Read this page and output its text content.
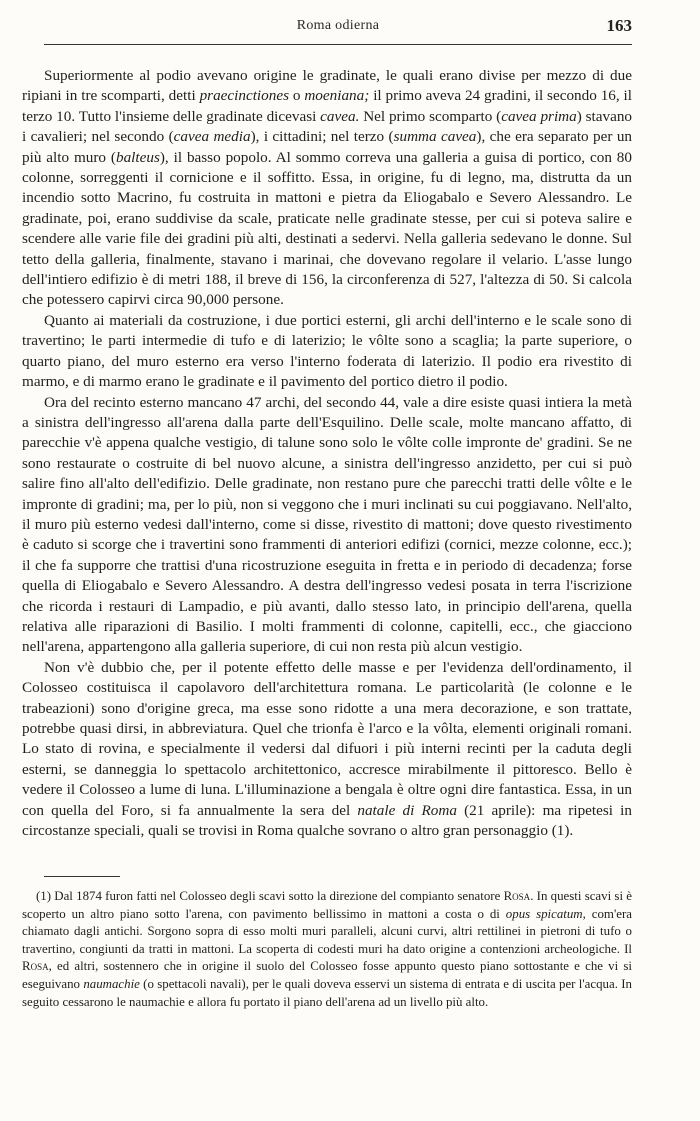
Roma odierna	163

Superiormente al podio avevano origine le gradinate, le quali erano divise per mezzo di due ripiani in tre scomparti, detti praecinctiones o moeniana; il primo aveva 24 gradini, il secondo 16, il terzo 10. Tutto l'insieme delle gradinate dicevasi cavea. Nel primo scomparto (cavea prima) stavano i cavalieri; nel secondo (cavea media), i cittadini; nel terzo (summa cavea), che era separato per un più alto muro (balteus), il basso popolo. Al sommo correva una galleria a guisa di portico, con 80 colonne, sorreggenti il cornicione e il soffitto. Essa, in origine, fu di legno, ma, distrutta da un incendio sotto Macrino, fu costruita in mattoni e pietra da Eliogabalo e Severo Alessandro. Le gradinate, poi, erano suddivise da scale, praticate nelle gradinate stesse, per cui si poteva salire e scendere alle varie file dei gradini più alti, destinati a sedervi. Nella galleria sedevano le donne. Sul tetto della galleria, finalmente, stavano i marinai, che dovevano regolare il velario. L'asse lungo dell'intiero edifizio è di metri 188, il breve di 156, la circonferenza di 527, l'altezza di 50. Si calcola che potessero capirvi circa 90,000 persone.

Quanto ai materiali da costruzione, i due portici esterni, gli archi dell'interno e le scale sono di travertino; le parti intermedie di tufo e di laterizio; le vôlte sono a scaglia; la parte superiore, o quarto piano, del muro esterno era verso l'interno foderata di laterizio. Il podio era rivestito di marmo, e di marmo erano le gradinate e il pavimento del portico dietro il podio.

Ora del recinto esterno mancano 47 archi, del secondo 44, vale a dire esiste quasi intiera la metà a sinistra dell'ingresso all'arena dalla parte dell'Esquilino. Delle scale, molte mancano affatto, di parecchie v'è appena qualche vestigio, di talune sono solo le vôlte colle impronte de' gradini. Se ne sono restaurate o costruite di bel nuovo alcune, a sinistra dell'ingresso anzidetto, per cui si può salire fino all'alto dell'edifizio. Delle gradinate, non restano pure che parecchi tratti delle vôlte e le impronte di gradini; ma, per lo più, non si veggono che i muri inclinati su cui poggiavano. Nell'alto, il muro più esterno vedesi dall'interno, come si disse, rivestito di mattoni; dove questo rivestimento è caduto si scorge che i travertini sono frammenti di anteriori edifizi (cornici, mezze colonne, ecc.); il che fa supporre che trattisi d'una ricostruzione eseguita in fretta e in periodo di decadenza; forse quella di Eliogabalo e Severo Alessandro. A destra dell'ingresso vedesi posata in terra l'iscrizione che ricorda i restauri di Lampadio, e più avanti, dallo stesso lato, in principio dell'arena, quella relativa alle riparazioni di Basilio. I molti frammenti di colonne, capitelli, ecc., che giacciono nell'arena, appartengono alla galleria superiore, di cui non resta più alcun vestigio.

Non v'è dubbio che, per il potente effetto delle masse e per l'evidenza dell'ordinamento, il Colosseo costituisca il capolavoro dell'architettura romana. Le particolarità (le colonne e le trabeazioni) sono d'origine greca, ma esse sono ridotte a una mera decorazione, e son trattate, potrebbe quasi dirsi, in abbreviatura. Quel che trionfa è l'arco e la vôlta, elementi originali romani. Lo stato di rovina, e specialmente il vedersi dal difuori i più interni recinti per la caduta degli esterni, se danneggia lo spettacolo architettonico, accresce mirabilmente il pittoresco. Bello è vedere il Colosseo a lume di luna. L'illuminazione a bengala è oltre ogni dire fantastica. Essa, in un con quella del Foro, si fa annualmente la sera del natale di Roma (21 aprile): ma ripetesi in circostanze speciali, quali se trovisi in Roma qualche sovrano o altro gran personaggio (1).

(1) Dal 1874 furon fatti nel Colosseo degli scavi sotto la direzione del compianto senatore Rosa. In questi scavi si è scoperto un altro piano sotto l'arena, con pavimento bellissimo in mattoni a costa o di opus spicatum, com'era chiamato dagli antichi. Sorgono sopra di esso molti muri paralleli, alcuni curvi, altri rettilinei in pietroni di tufo o travertino, congiunti da tratti in mattoni. La scoperta di codesti muri ha dato origine a contenzioni archeologiche. Il Rosa, ed altri, sostennero che in origine il suolo del Colosseo fosse appunto questo piano sottostante e che vi si eseguivano naumachie (o spettacoli navali), per le quali doveva esservi un sistema di entrata e di uscita per l'acqua. In seguito cessarono le naumachie e allora fu portato il piano dell'arena ad un livello più alto.
